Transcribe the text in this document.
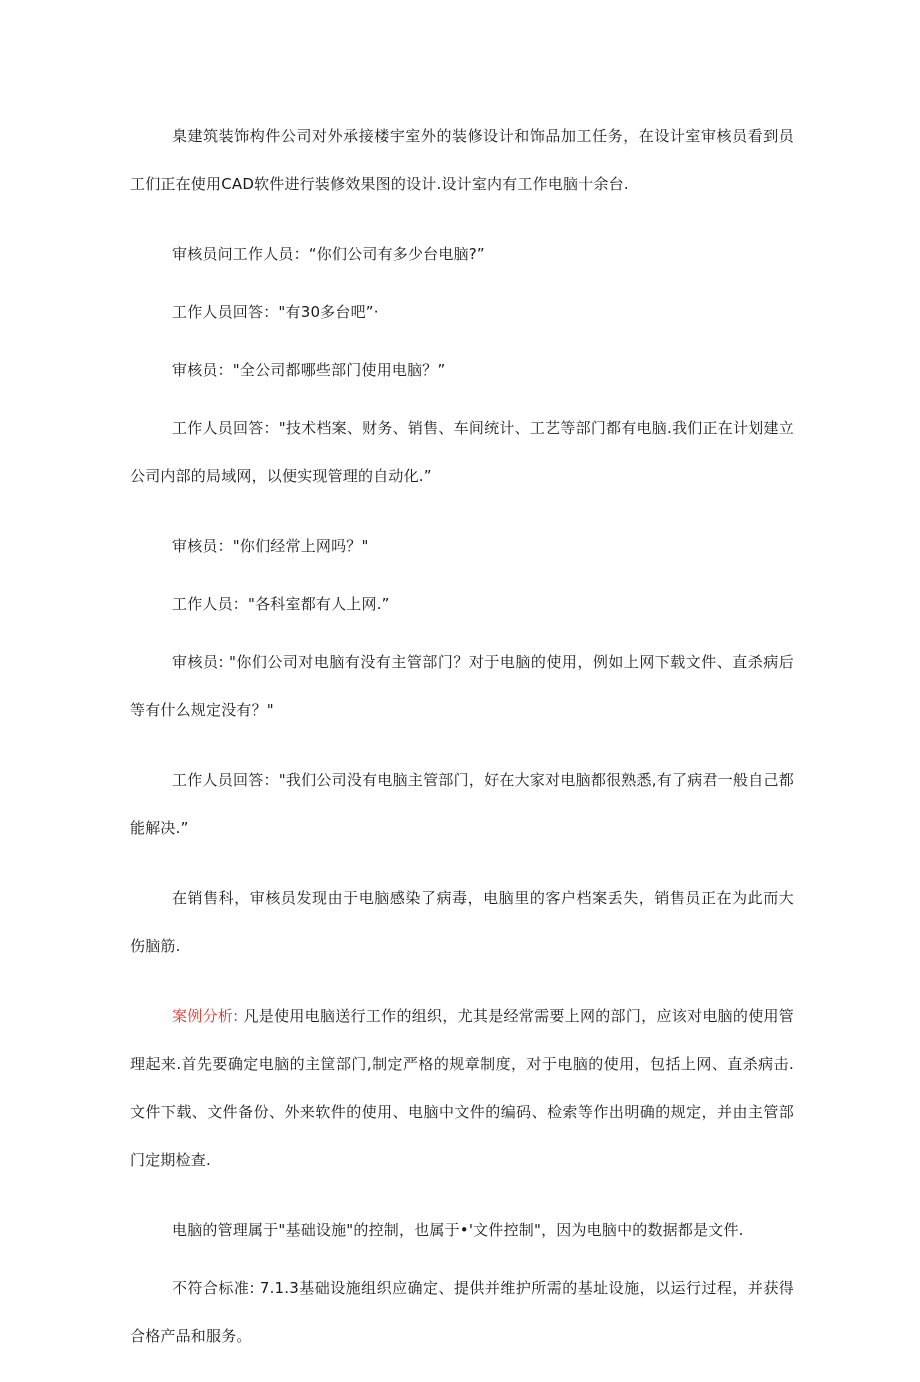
臬建筑装饰构件公司对外承接楼宇室外的装修设计和饰品加工任务，在设计室审核员看到员工们正在使用CAD软件进行装修效果图的设计.设计室内有工作电脑十余台.

审核员问工作人员：“你们公司有多少台电脑?”

工作人员回答："有30多台吧”·

审核员："全公司都哪些部门使用电脑？”

工作人员回答："技术档案、财务、销售、车间统计、工艺等部门都有电脑.我们正在计划建立公司内部的局域网，以便实现管理的自动化.”

审核员："你们经常上网吗？"

工作人员："各科室都有人上网.”

审核员: "你们公司对电脑有没有主管部门？对于电脑的使用，例如上网下载文件、直杀病后等有什么规定没有？"

工作人员回答："我们公司没有电脑主管部门，好在大家对电脑都很熟悉,有了病君一般自己都能解决.”

在销售科，审核员发现由于电脑感染了病毒，电脑里的客户档案丢失，销售员正在为此而大伤脑筋.

案例分析: 凡是使用电脑送行工作的组织，尤其是经常需要上网的部门，应该对电脑的使用管理起来.首先要确定电脑的主筐部门,制定严格的规章制度，对于电脑的使用，包括上网、直杀病击.文件下载、文件备份、外来软件的使用、电脑中文件的编码、检索等作出明确的规定，并由主管部门定期检查.

电脑的管理属于"基础设施"的控制，也属于•'文件控制"，因为电脑中的数据都是文件.

不符合标准: 7.1.3基础设施组织应确定、提供并维护所需的基址设施，以运行过程，并获得合格产品和服务。
